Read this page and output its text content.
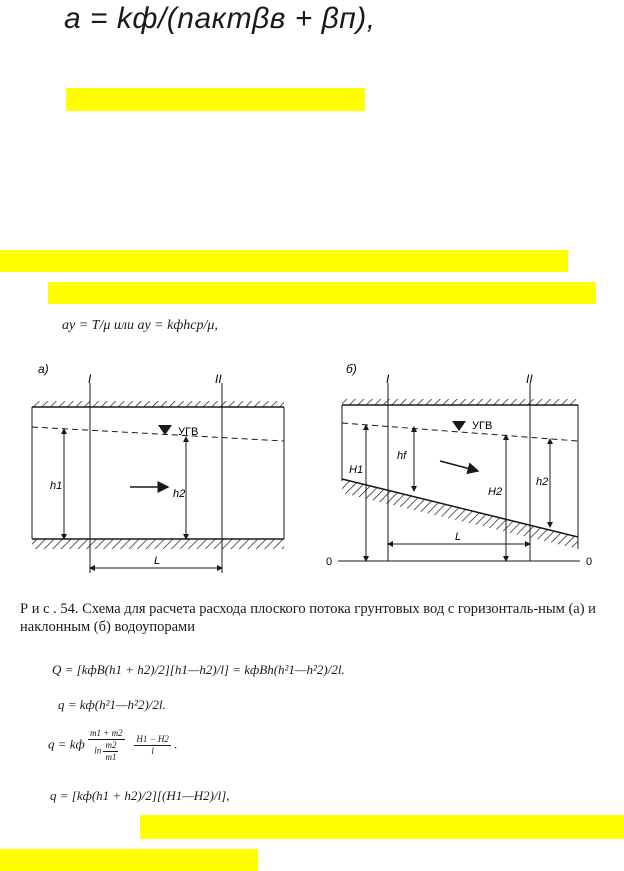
a = kф/(nактβв + βп),
aу = T/μ или aу = kфhср/μ,
а)
I	II
УГВ
h1
h2
L
б)
0	0
I	II
УГВ
H1
hf
H2
h2
L
Р и с . 54. Схема для расчета расхода плоского потока грунтовых вод с горизонталь-ным (а) и наклонным (б) водоупорами
Q = [kфB(h1 + h2)/2][h1—h2)/l] = kфBh(h²1—h²2)/2l.
q = kф(h²1—h²2)/2l.
q = kф $\frac{m1 + m2}{\ln \frac{m2}{m1}}$
$\frac{H1 - H2}{l}$ .
q = [kф(h1 + h2)/2][(H1—H2)/l],
